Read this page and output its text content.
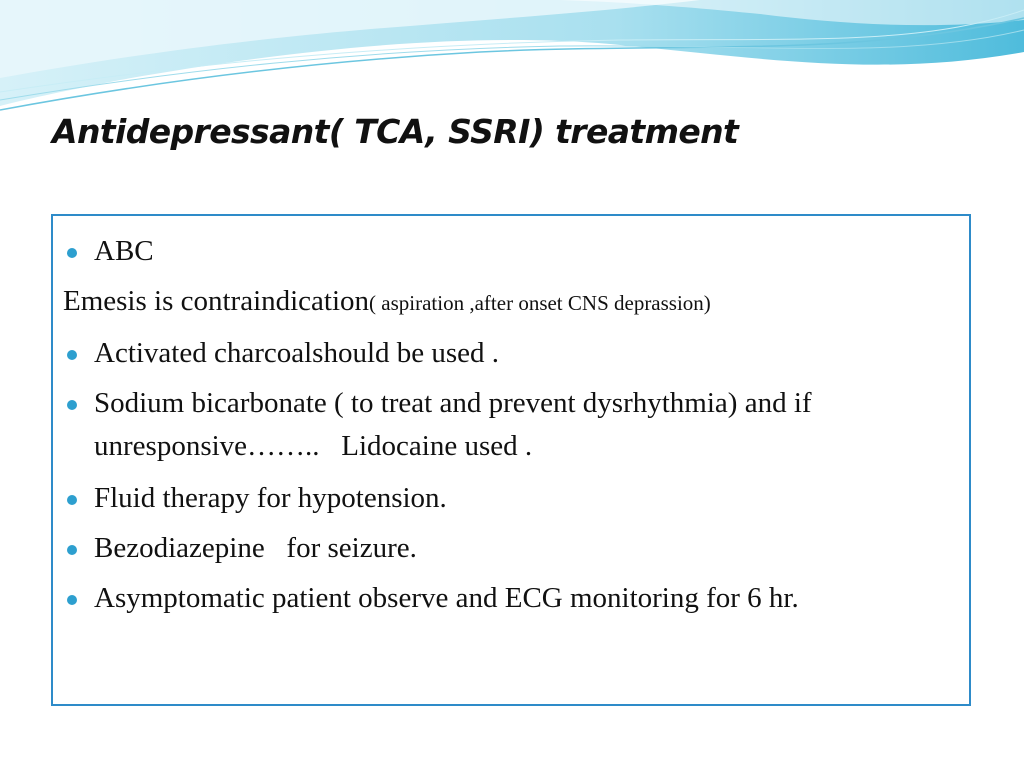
Antidepressant( TCA, SSRI) treatment
ABC
Emesis is contraindication( aspiration ,after onset CNS deprassion)
Activated charcoalshould be used .
Sodium bicarbonate ( to treat and prevent dysrhythmia) and if unresponsive……..   Lidocaine used .
Fluid therapy for hypotension.
Bezodiazepine   for seizure.
Asymptomatic patient observe and ECG monitoring for 6 hr.
